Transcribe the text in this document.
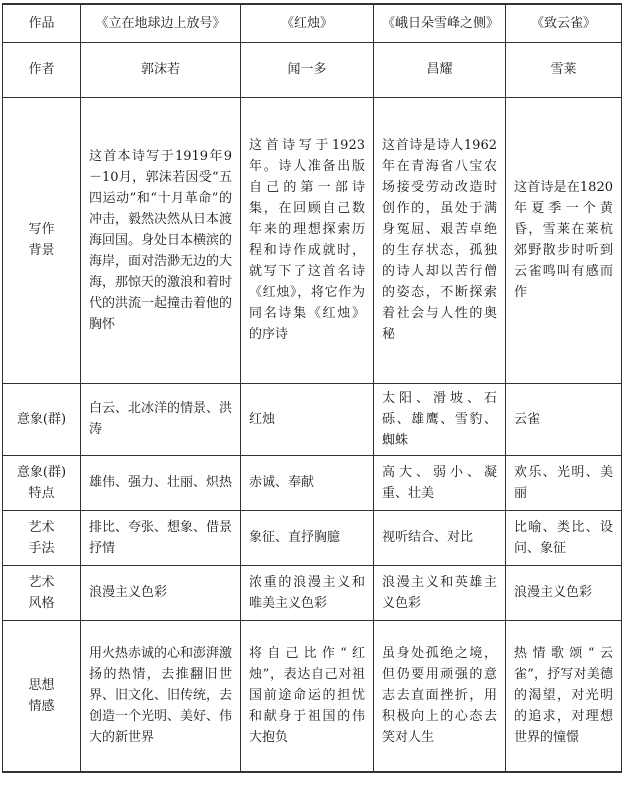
作品	《立在地球边上放号》	《红烛》	《峨日朵雪峰之侧》	《致云雀》
作者	郭沫若	闻一多	昌耀	雪莱
写作背景	这首本诗写于1919年9－10月，郭沫若因受“五四运动”和“十月革命”的冲击，毅然决然从日本渡海回国。身处日本横滨的海岸，面对浩渺无边的大海，那惊天的激浪和着时代的洪流一起撞击着他的胸怀	这首诗写于1923年。诗人准备出版自己的第一部诗集，在回顾自己数年来的理想探索历程和诗作成就时，就写下了这首名诗《红烛》，将它作为同名诗集《红烛》的序诗	这首诗是诗人1962年在青海省八宝农场接受劳动改造时创作的，虽处于满身冤屈、艰苦卓绝的生存状态，孤独的诗人却以苦行僧的姿态，不断探索着社会与人性的奥秘	这首诗是在1820年夏季一个黄昏，雪莱在莱杭郊野散步时听到云雀鸣叫有感而作
意象(群)	白云、北冰洋的情景、洪涛	红烛	太阳、滑坡、石砾、雄鹰、雪豹、蜘蛛	云雀
意象(群)特点	雄伟、强力、壮丽、炽热	赤诚、奉献	高大、弱小、凝重、壮美	欢乐、光明、美丽
艺术手法	排比、夸张、想象、借景抒情	象征、直抒胸臆	视听结合、对比	比喻、类比、设问、象征
艺术风格	浪漫主义色彩	浓重的浪漫主义和唯美主义色彩	浪漫主义和英雄主义色彩	浪漫主义色彩
思想情感	用火热赤诚的心和澎湃激扬的热情，去推翻旧世界、旧文化、旧传统，去创造一个光明、美好、伟大的新世界	将自己比作“红烛”，表达自己对祖国前途命运的担忧和献身于祖国的伟大抱负	虽身处孤绝之境，但仍要用顽强的意志去直面挫折，用积极向上的心态去笑对人生	热情歌颂“云雀”，抒写对美德的渴望，对光明的追求，对理想世界的憧憬
